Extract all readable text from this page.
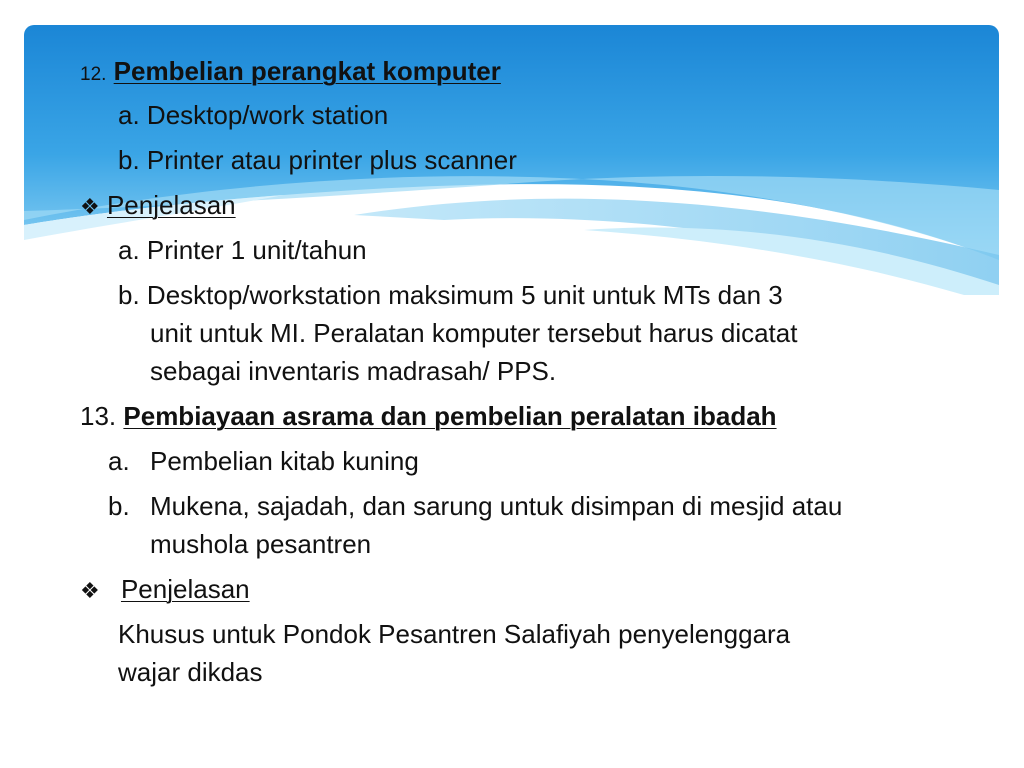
12. Pembelian perangkat komputer
a. Desktop/work station
b. Printer atau printer plus scanner
❖ Penjelasan
a. Printer 1 unit/tahun
b. Desktop/workstation maksimum 5 unit untuk MTs dan 3
unit untuk MI. Peralatan komputer tersebut harus dicatat
sebagai inventaris madrasah/ PPS.
13. Pembiayaan asrama dan pembelian peralatan ibadah
a. Pembelian kitab kuning
b. Mukena, sajadah, dan sarung untuk disimpan di mesjid atau
mushola pesantren
❖ Penjelasan
Khusus untuk Pondok Pesantren Salafiyah penyelenggara
wajar dikdas
